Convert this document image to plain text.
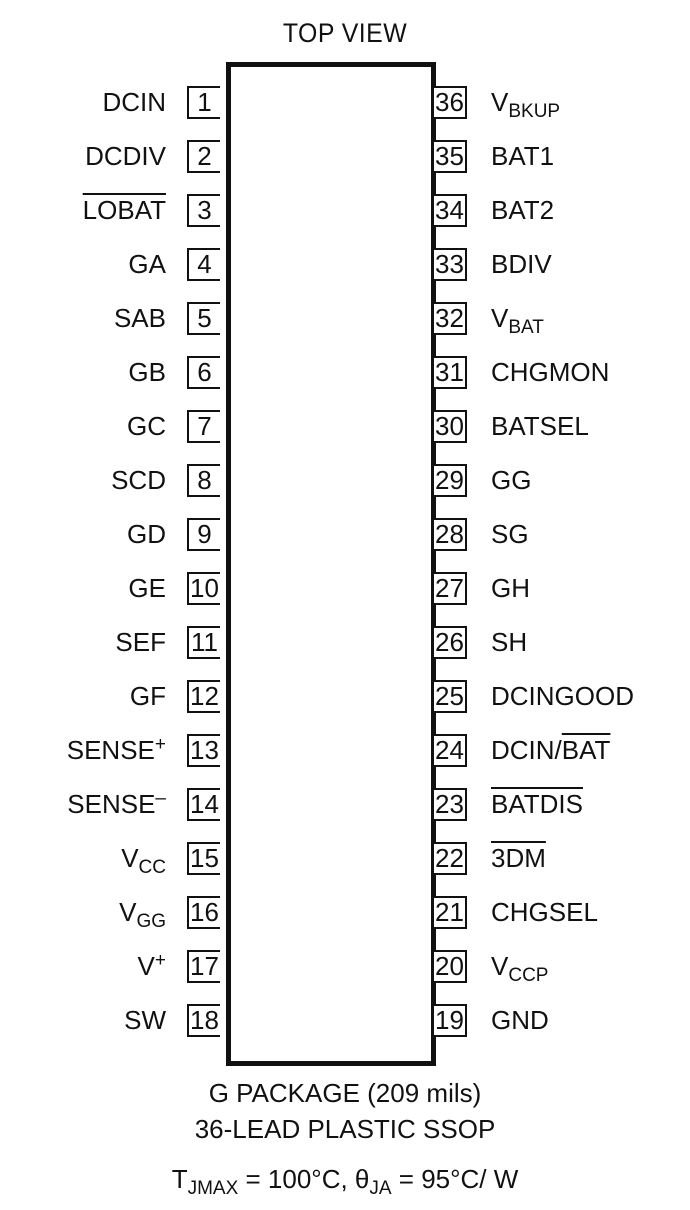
TOP VIEW
1
DCIN
2
DCDIV
3
LOBAT
4
GA
5
SAB
6
GB
7
GC
8
SCD
9
GD
10
GE
11
SEF
12
GF
13
SENSE+
14
SENSE–
15
$V_{CC}$
16
$V_{GG}$
17
V+
18
SW
36 $V_{BKUP}$
35 BAT1
34 BAT2
33 BDIV
32 $V_{BAT}$
31 CHGMON
30 BATSEL
29 GG
28 SG
27 GH
26 SH
25 DCINGOOD
24 DCIN/$\overline{BAT}$
23 BATDIS
22 3DM
21 CHGSEL
20 $V_{CCP}$
19 GND
G PACKAGE (209 mils)
36-LEAD PLASTIC SSOP
$T_{JMAX} = 100^\circ C$, $\theta_{JA} = 95^\circ C/$ W
